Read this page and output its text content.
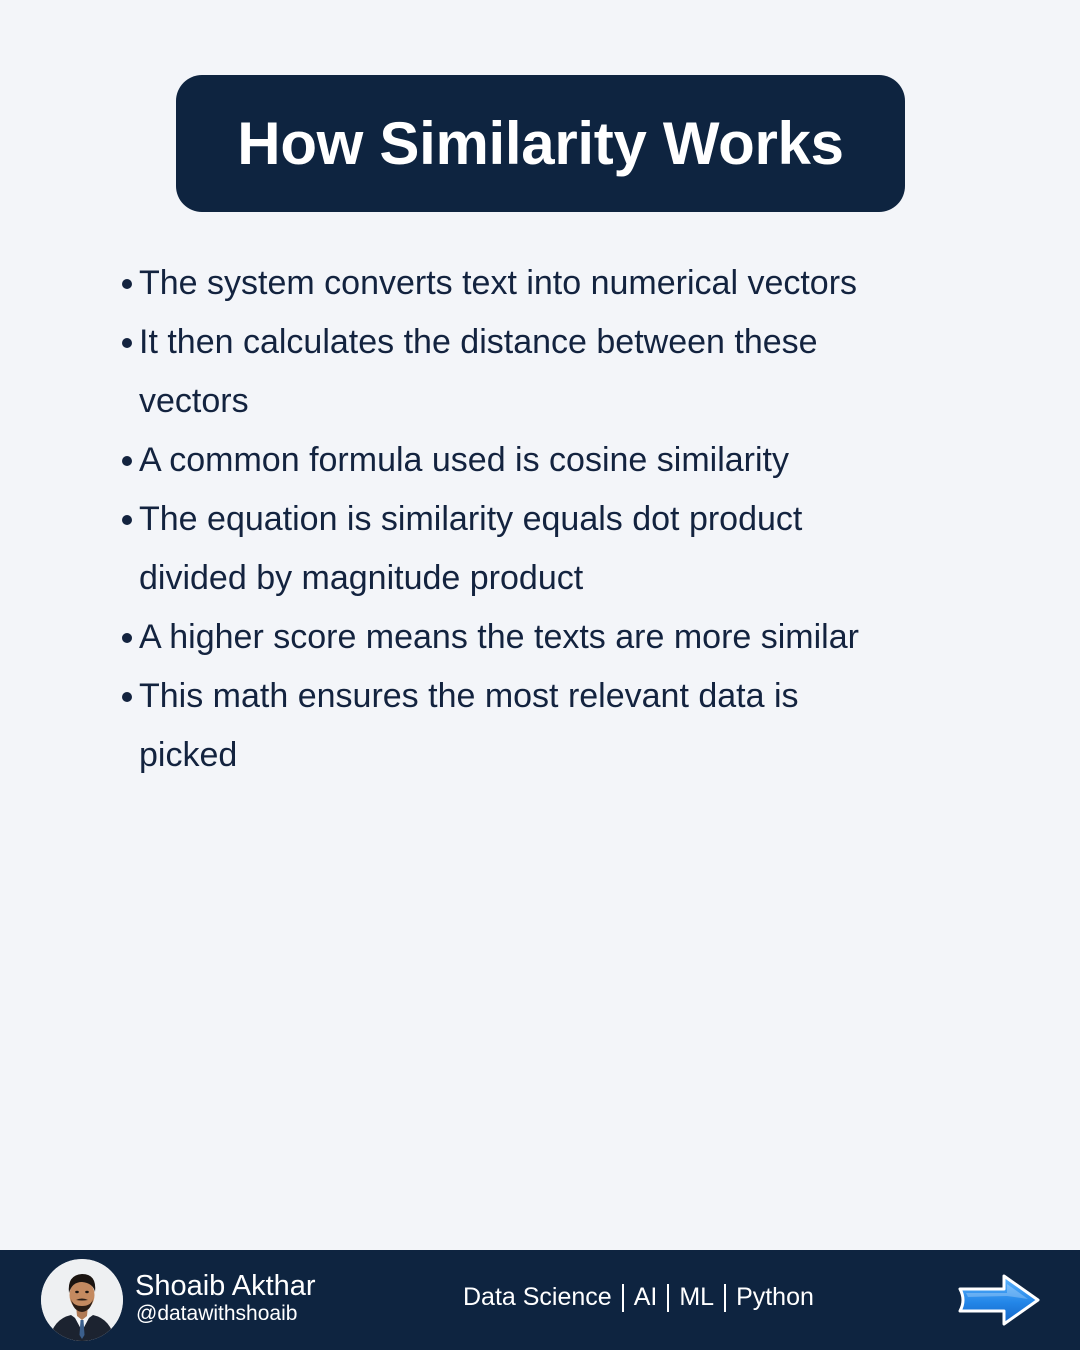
How Similarity Works
The system converts text into numerical vectors
It then calculates the distance between these
vectors
A common formula used is cosine similarity
The equation is similarity equals dot product
divided by magnitude product
A higher score means the texts are more similar
This math ensures the most relevant data is
picked
Shoaib Akthar
@datawithshoaib
Data Science AI ML Python
